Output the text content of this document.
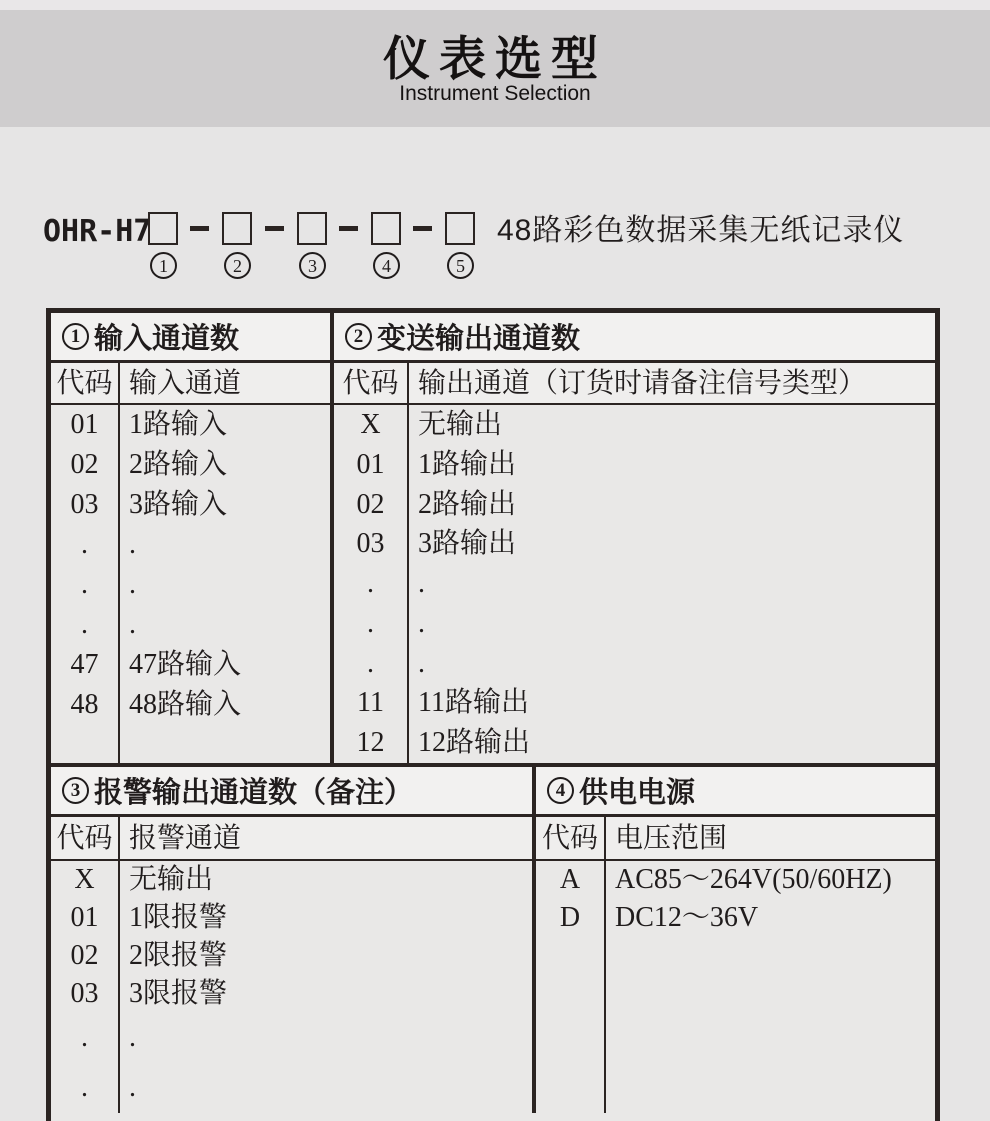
仪表选型
Instrument Selection
OHR-H7	48路彩色数据采集无纸记录仪
1	2	3	4	5
1 输入通道数	2 变送输出通道数
代码 输入通道	代码 输出通道（订货时请备注信号类型）
01	1路输入
02	2路输入
03	3路输入
.	.
.	.
.	.
47	47路输入
48	48路输入
X	无输出
01	1路输出
02	2路输出
03	3路输出
.	.
.	.
.	.
11	11路输出
12	12路输出
3 报警输出通道数（备注）	4 供电电源
代码 报警通道	代码 电压范围
X	无输出
01	1限报警
02	2限报警
03	3限报警
.	.
.	.
A	AC85～264V(50/60HZ)
D	DC12～36V
